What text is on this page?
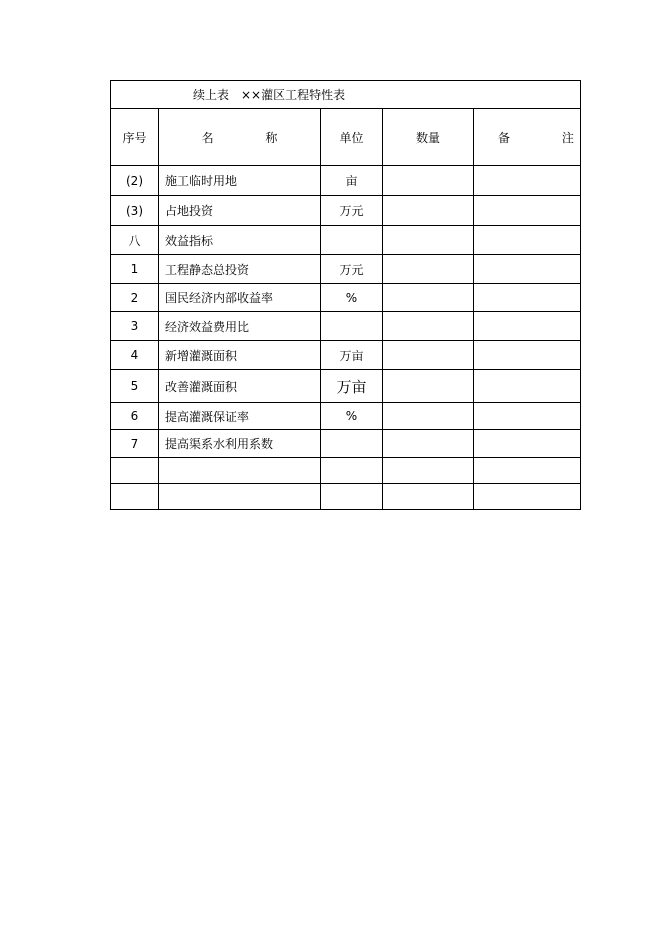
续上表　××灌区工程特性表				
序号	名 称	单位	数量	备 注
(2)	施工临时用地	亩		
(3)	占地投资	万元		
八	效益指标			
1	工程静态总投资	万元		
2	国民经济内部收益率	%		
3	经济效益费用比			
4	新增灌溉面积	万亩		
5	改善灌溉面积	万亩		
6	提高灌溉保证率	%		
7	提高渠系水利用系数			
